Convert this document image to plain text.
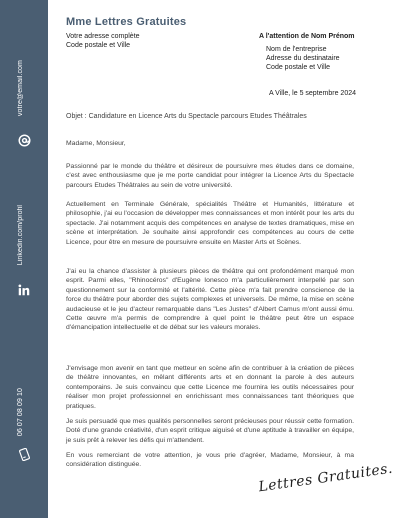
votre@email.com
Linkedin.com/profil
06 07 08 09 10
Mme Lettres Gratuites
Votre adresse complète
Code postale et Ville
A l'attention de Nom Prénom
Nom de l'entreprise
Adresse du destinataire
Code postale et Ville
A Ville, le 5 septembre 2024
Objet : Candidature en Licence Arts du Spectacle parcours Etudes Théâtrales

Madame, Monsieur,

Passionné par le monde du théâtre et désireux de poursuivre mes études dans ce domaine, c'est avec enthousiasme que je me porte candidat pour intégrer la Licence Arts du Spectacle parcours Etudes Théâtrales au sein de votre université.

Actuellement en Terminale Générale, spécialités Théâtre et Humanités, littérature et philosophie, j'ai eu l'occasion de développer mes connaissances et mon intérêt pour les arts du spectacle. J'ai notamment acquis des compétences en analyse de textes dramatiques, mise en scène et interprétation. Je souhaite ainsi approfondir ces compétences au cours de cette Licence, pour être en mesure de poursuivre ensuite en Master Arts et Scènes.

J'ai eu la chance d'assister à plusieurs pièces de théâtre qui ont profondément marqué mon esprit. Parmi elles, "Rhinocéros" d'Eugène Ionesco m'a particulièrement interpellé par son questionnement sur la conformité et l'altérité. Cette pièce m'a fait prendre conscience de la force du théâtre pour aborder des sujets complexes et universels. De même, la mise en scène audacieuse et le jeu d'acteur remarquable dans "Les Justes" d'Albert Camus m'ont aussi ému. Cette œuvre m'a permis de comprendre à quel point le théâtre peut être un espace d'émancipation intellectuelle et de débat sur les valeurs morales.

J'envisage mon avenir en tant que metteur en scène afin de contribuer à la création de pièces de théâtre innovantes, en mêlant différents arts et en donnant la parole à des auteurs contemporains. Je suis convaincu que cette Licence me fournira les outils nécessaires pour réaliser mon projet professionnel en enrichissant mes connaissances tant théoriques que pratiques.

Je suis persuadé que mes qualités personnelles seront précieuses pour réussir cette formation. Doté d'une grande créativité, d'un esprit critique aiguisé et d'une aptitude à travailler en équipe, je suis prêt à relever les défis qui m'attendent.

En vous remerciant de votre attention, je vous prie d'agréer, Madame, Monsieur, à ma considération distinguée.	Lettres Gratuites.
